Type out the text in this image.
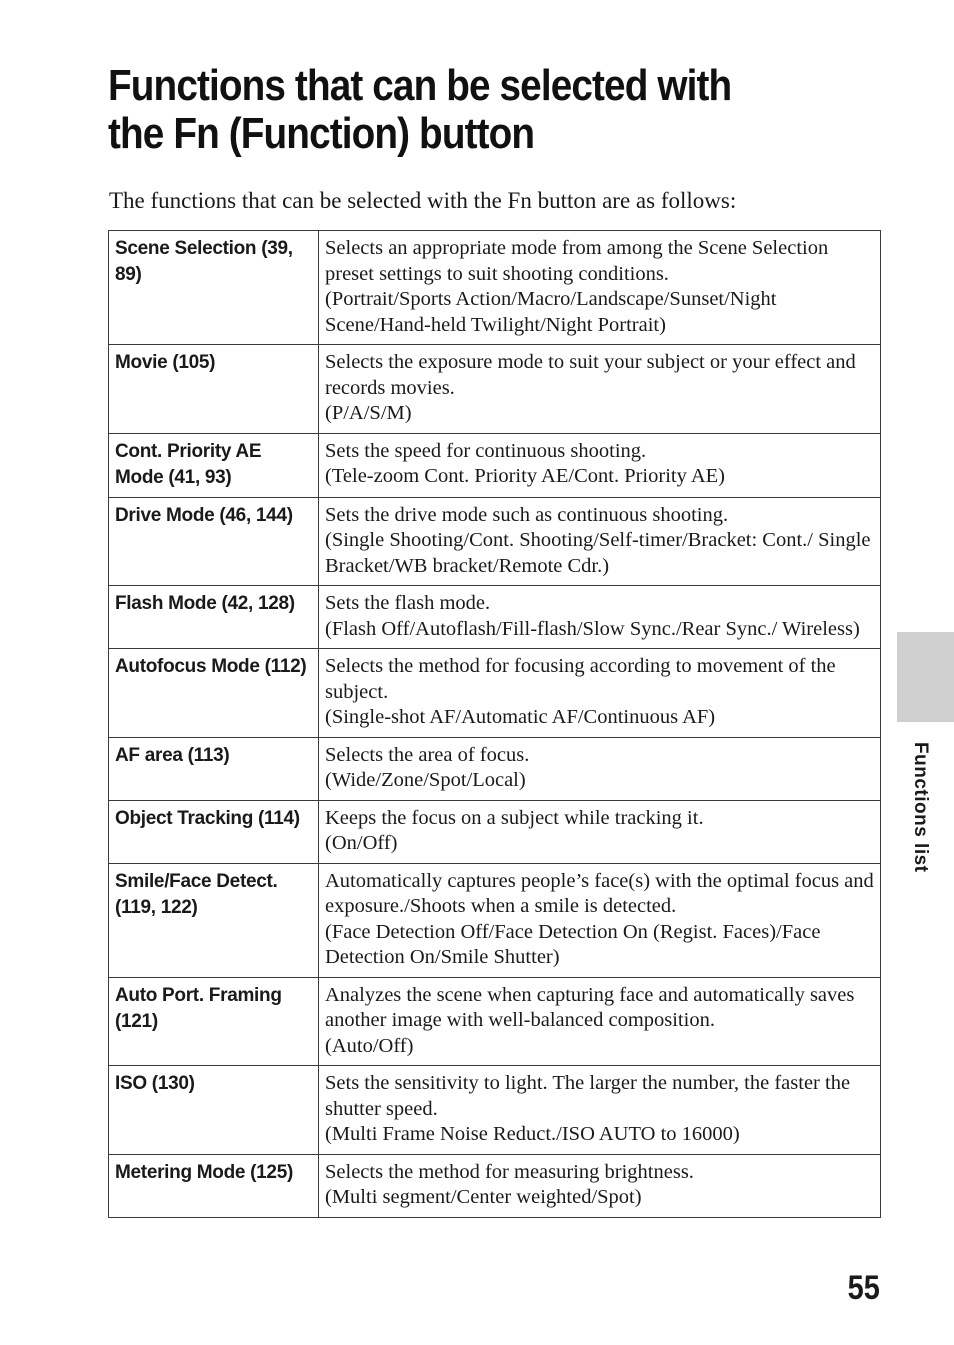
Functions that can be selected with the Fn (Function) button

The functions that can be selected with the Fn button are as follows:

Scene Selection (39, 89)	Selects an appropriate mode from among the Scene Selection preset settings to suit shooting conditions.
(Portrait/Sports Action/Macro/Landscape/Sunset/Night Scene/Hand-held Twilight/Night Portrait)

Movie (105)	Selects the exposure mode to suit your subject or your effect and records movies.
(P/A/S/M)

Cont. Priority AE Mode (41, 93)	Sets the speed for continuous shooting.
(Tele-zoom Cont. Priority AE/Cont. Priority AE)

Drive Mode (46, 144)	Sets the drive mode such as continuous shooting.
(Single Shooting/Cont. Shooting/Self-timer/Bracket: Cont./ Single Bracket/WB bracket/Remote Cdr.)

Flash Mode (42, 128)	Sets the flash mode.
(Flash Off/Autoflash/Fill-flash/Slow Sync./Rear Sync./ Wireless)

Autofocus Mode (112)	Selects the method for focusing according to movement of the subject.
(Single-shot AF/Automatic AF/Continuous AF)

AF area (113)	Selects the area of focus.
(Wide/Zone/Spot/Local)

Object Tracking (114)	Keeps the focus on a subject while tracking it.
(On/Off)

Smile/Face Detect. (119, 122)	Automatically captures people’s face(s) with the optimal focus and exposure./Shoots when a smile is detected.
(Face Detection Off/Face Detection On (Regist. Faces)/Face Detection On/Smile Shutter)

Auto Port. Framing (121)	Analyzes the scene when capturing face and automatically saves another image with well-balanced composition.
(Auto/Off)

ISO (130)	Sets the sensitivity to light. The larger the number, the faster the shutter speed.
(Multi Frame Noise Reduct./ISO AUTO to 16000)

Metering Mode (125)	Selects the method for measuring brightness.
(Multi segment/Center weighted/Spot)
Functions list
55
